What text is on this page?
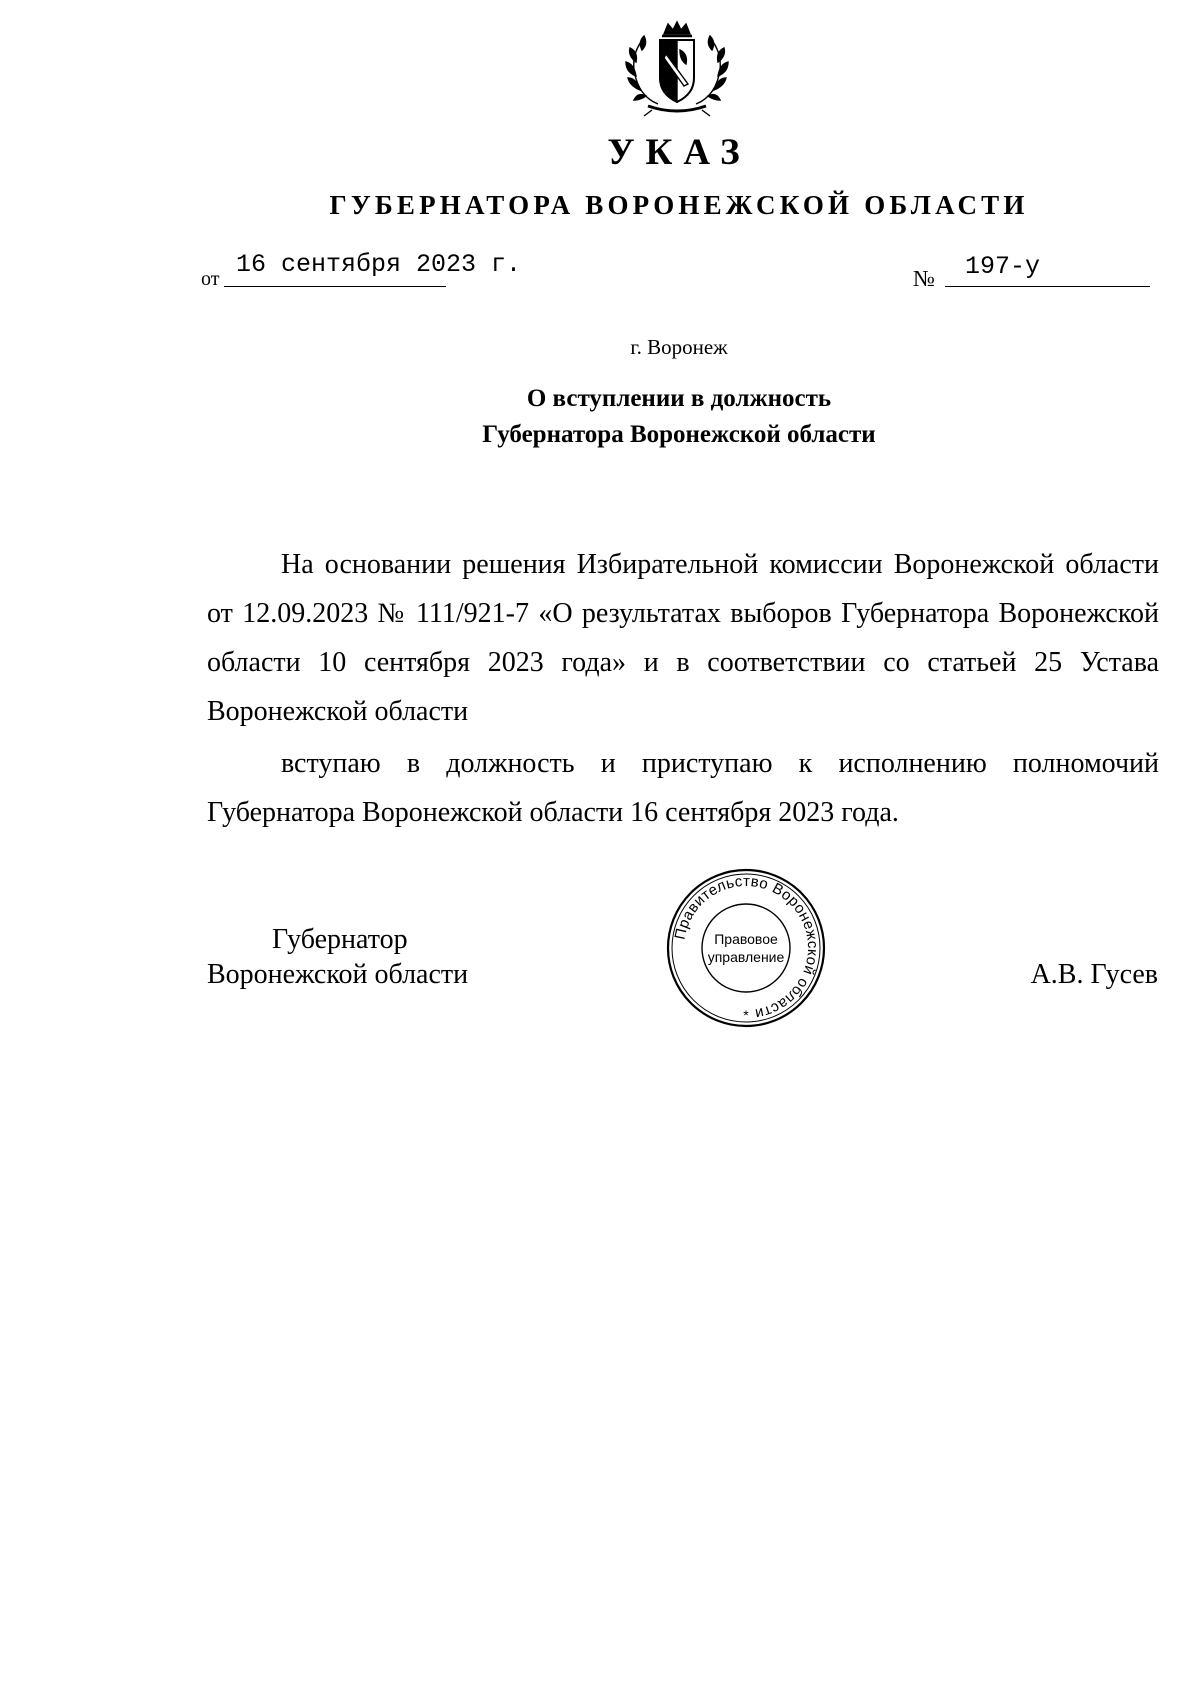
УКАЗ
ГУБЕРНАТОРА ВОРОНЕЖСКОЙ ОБЛАСТИ
от 16 сентября 2023 г.	№ 197-у
г. Воронеж
О вступлении в должность
Губернатора Воронежской области

На основании решения Избирательной комиссии Воронежской области от 12.09.2023 № 111/921-7 «О результатах выборов Губернатора Воронежской области 10 сентября 2023 года» и в соответствии со статьей 25 Устава Воронежской области

вступаю в должность и приступаю к исполнению полномочий Губернатора Воронежской области 16 сентября 2023 года.

Губернатор
Воронежской области
Правительство Воронежской области
Правовое
управление
*
А.В. Гусев
